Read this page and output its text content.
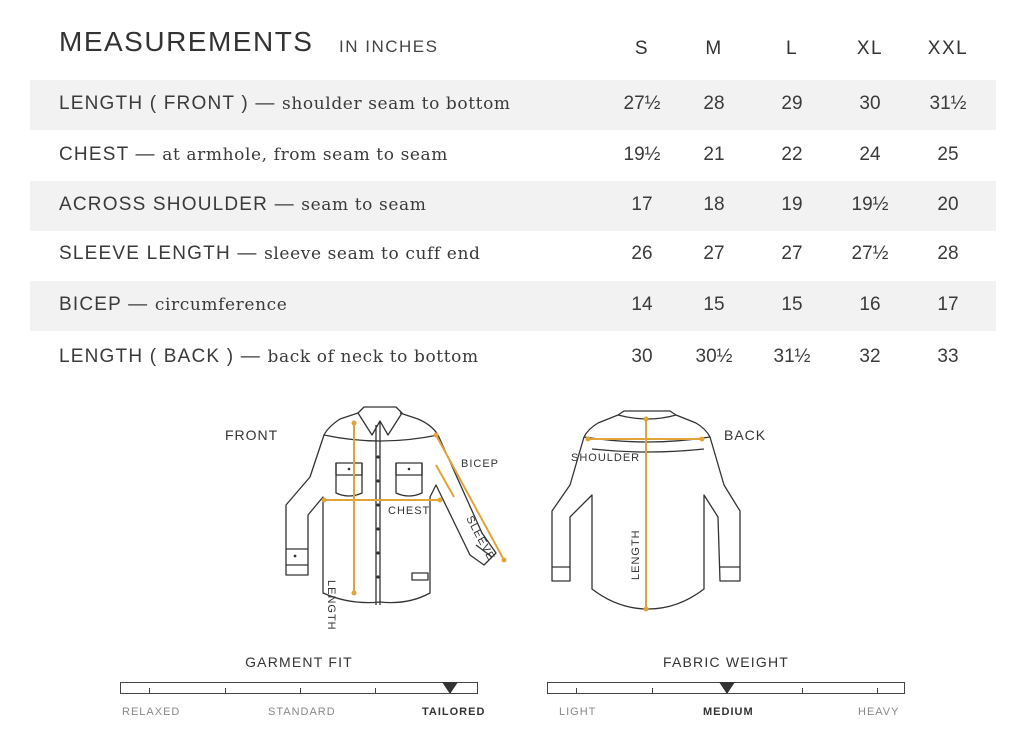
MEASUREMENTS IN INCHES	S	M	L	XL	XXL
LENGTH ( FRONT ) — shoulder seam to bottom	27½	28	29	30	31½
CHEST — at armhole, from seam to seam	19½	21	22	24	25
ACROSS SHOULDER — seam to seam	17	18	19	19½	20
SLEEVE LENGTH — sleeve seam to cuff end	26	27	27	27½	28
BICEP — circumference	14	15	15	16	17
LENGTH ( BACK ) — back of neck to bottom	30	30½	31½	32	33
FRONT	BACK
BICEP
CHEST
SLEEVE
LENGTH
SHOULDER
LENGTH
GARMENT FIT
RELAXED	STANDARD	TAILORED
FABRIC WEIGHT
LIGHT	MEDIUM	HEAVY
